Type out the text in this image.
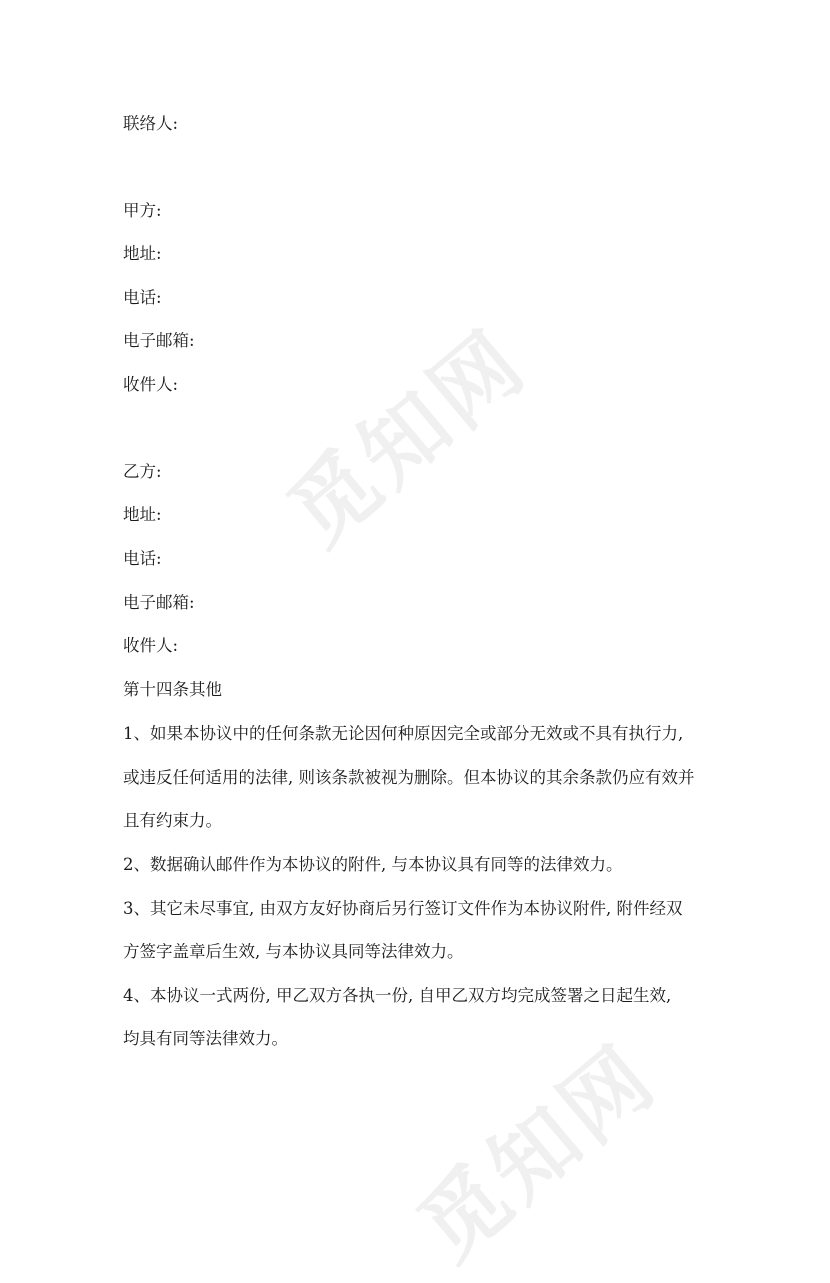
觅知网
觅知网
联络人:
甲方:
地址:
电话:
电子邮箱:
收件人:
乙方:
地址:
电话:
电子邮箱:
收件人:
第十四条其他
1、如果本协议中的任何条款无论因何种原因完全或部分无效或不具有执行力,
或违反任何适用的法律, 则该条款被视为删除。但本协议的其余条款仍应有效并
且有约束力。
2、数据确认邮件作为本协议的附件, 与本协议具有同等的法律效力。
3、其它未尽事宜, 由双方友好协商后另行签订文件作为本协议附件, 附件经双
方签字盖章后生效, 与本协议具同等法律效力。
4、本协议一式两份, 甲乙双方各执一份, 自甲乙双方均完成签署之日起生效,
均具有同等法律效力。
